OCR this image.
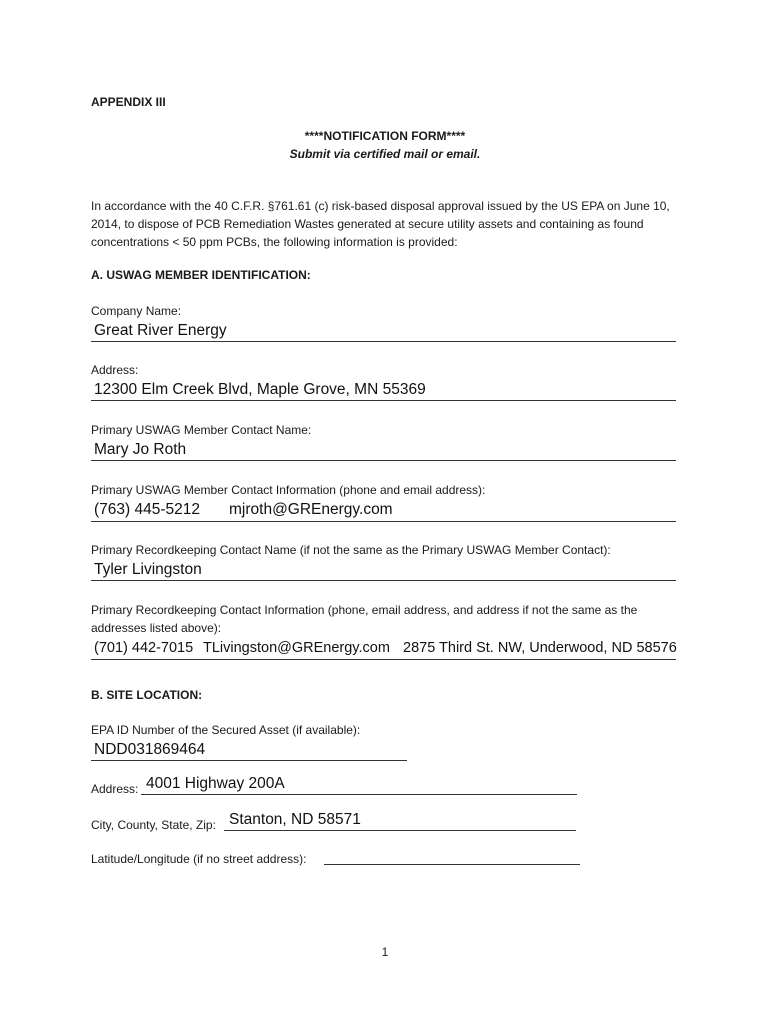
APPENDIX III
****NOTIFICATION FORM****
Submit via certified mail or email.
In accordance with the 40 C.F.R. §761.61 (c) risk-based disposal approval issued by the US EPA on June 10, 2014, to dispose of PCB Remediation Wastes generated at secure utility assets and containing as found concentrations < 50 ppm PCBs, the following information is provided:
A. USWAG MEMBER IDENTIFICATION:
Company Name:
Great River Energy
Address:
12300 Elm Creek Blvd, Maple Grove, MN 55369
Primary USWAG Member Contact Name:
Mary Jo Roth
Primary USWAG Member Contact Information (phone and email address):
(763) 445-5212 mjroth@GREnergy.com
Primary Recordkeeping Contact Name (if not the same as the Primary USWAG Member Contact):
Tyler Livingston
Primary Recordkeeping Contact Information (phone, email address, and address if not the same as the addresses listed above):
(701) 442-7015 TLivingston@GREnergy.com 2875 Third St. NW, Underwood, ND 58576
B. SITE LOCATION:
EPA ID Number of the Secured Asset (if available):
NDD031869464
Address: 4001 Highway 200A
City, County, State, Zip: Stanton, ND 58571
Latitude/Longitude (if no street address):
1
